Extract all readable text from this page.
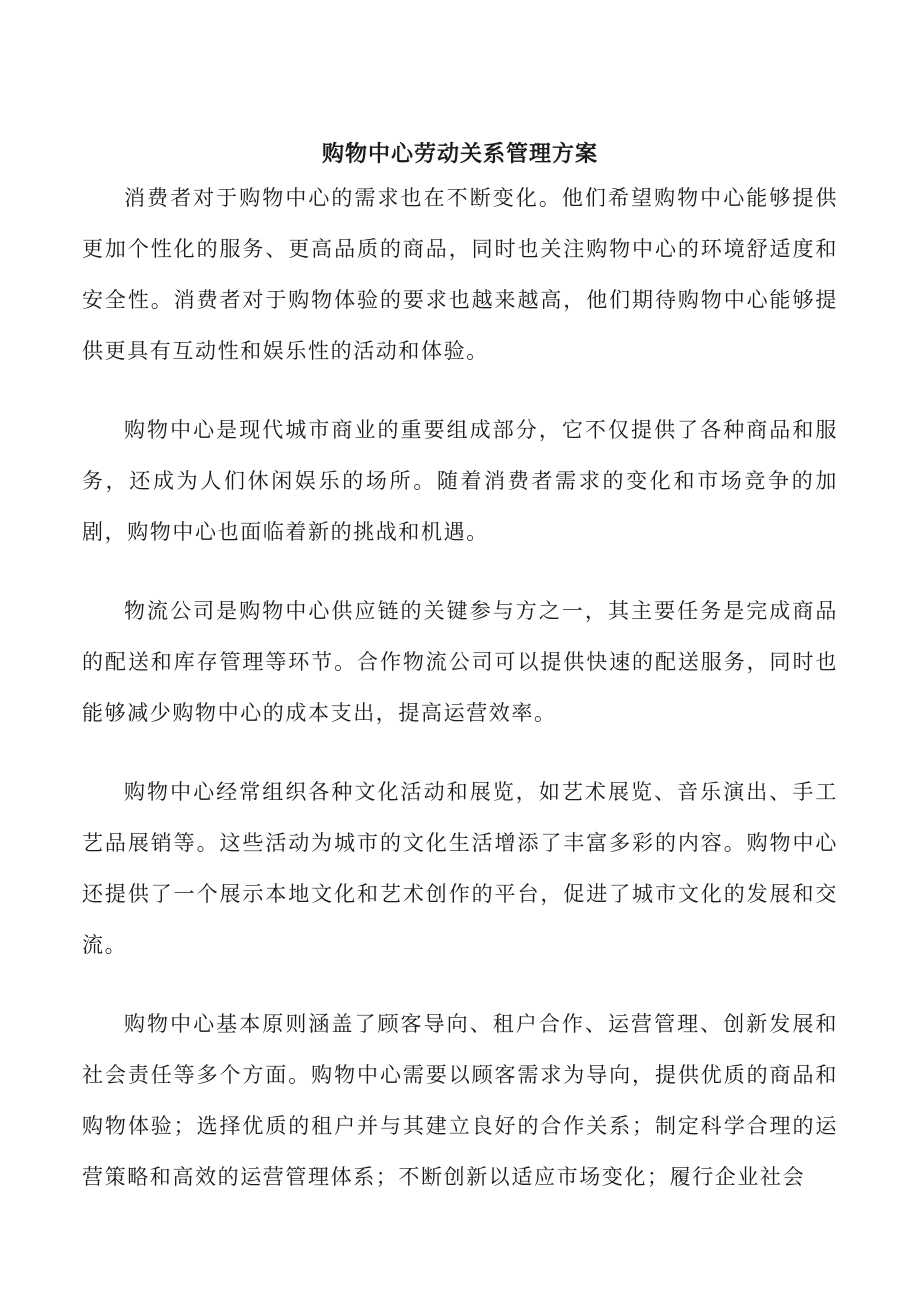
购物中心劳动关系管理方案

消费者对于购物中心的需求也在不断变化。他们希望购物中心能够提供更加个性化的服务、更高品质的商品，同时也关注购物中心的环境舒适度和安全性。消费者对于购物体验的要求也越来越高，他们期待购物中心能够提供更具有互动性和娱乐性的活动和体验。

购物中心是现代城市商业的重要组成部分，它不仅提供了各种商品和服务，还成为人们休闲娱乐的场所。随着消费者需求的变化和市场竞争的加剧，购物中心也面临着新的挑战和机遇。

物流公司是购物中心供应链的关键参与方之一，其主要任务是完成商品的配送和库存管理等环节。合作物流公司可以提供快速的配送服务，同时也能够减少购物中心的成本支出，提高运营效率。

购物中心经常组织各种文化活动和展览，如艺术展览、音乐演出、手工艺品展销等。这些活动为城市的文化生活增添了丰富多彩的内容。购物中心还提供了一个展示本地文化和艺术创作的平台，促进了城市文化的发展和交流。

购物中心基本原则涵盖了顾客导向、租户合作、运营管理、创新发展和社会责任等多个方面。购物中心需要以顾客需求为导向，提供优质的商品和购物体验；选择优质的租户并与其建立良好的合作关系；制定科学合理的运营策略和高效的运营管理体系；不断创新以适应市场变化；履行企业社会
